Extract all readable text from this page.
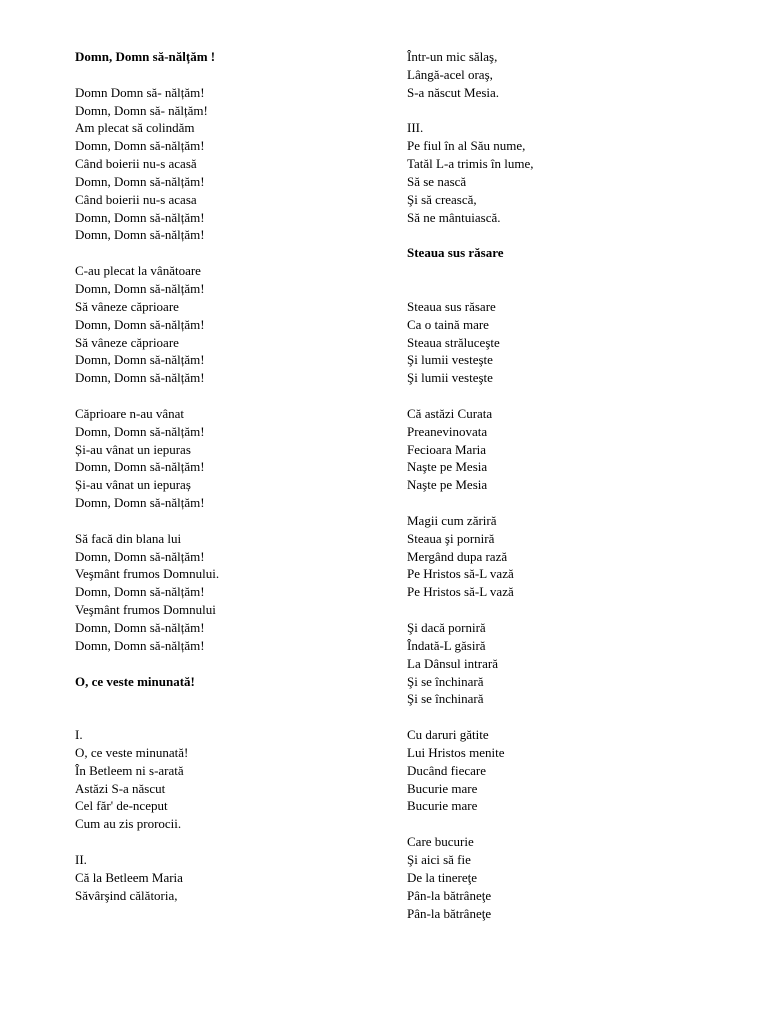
Domn, Domn să-nălțăm !
Domn Domn să- nălțăm!
Domn, Domn să- nălțăm!
Am plecat să colindăm
Domn, Domn să-nălțăm!
Când boierii nu-s acasă
Domn, Domn să-nălțăm!
Când boierii nu-s acasa
Domn, Domn să-nălțăm!
Domn, Domn să-nălțăm!
C-au plecat la vânătoare
Domn, Domn să-nălțăm!
Să vâneze căprioare
Domn, Domn să-nălțăm!
Să vâneze căprioare
Domn, Domn să-nălțăm!
Domn, Domn să-nălțăm!
Căprioare n-au vânat
Domn, Domn să-nălțăm!
Și-au vânat un iepuras
Domn, Domn să-nălțăm!
Și-au vânat un iepuraș
Domn, Domn să-nălțăm!
Să facă din blana lui
Domn, Domn să-nălțăm!
Veşmânt frumos Domnului.
Domn, Domn să-nălțăm!
Veşmânt frumos Domnului
Domn, Domn să-nălțăm!
Domn, Domn să-nălțăm!
O, ce veste minunată!
I.
O, ce veste minunată!
În Betleem ni s-arată
Astăzi S-a născut
Cel făr' de-nceput
Cum au zis prorocii.
II.
Că la Betleem Maria
Săvârşind călătoria,
Într-un mic sălaş,
Lângă-acel oraş,
S-a născut Mesia.
III.
Pe fiul în al Său nume,
Tatăl L-a trimis în lume,
Să se nască
Şi să crească,
Să ne mântuiască.
Steaua sus răsare
Steaua sus răsare
Ca o taină mare
Steaua străluceşte
Şi lumii vesteşte
Şi lumii vesteşte
Că astăzi Curata
Preanevinovata
Fecioara Maria
Naşte pe Mesia
Naşte pe Mesia
Magii cum zăriră
Steaua şi porniră
Mergând dupa rază
Pe Hristos să-L vază
Pe Hristos să-L vază
Şi dacă porniră
Îndată-L găsiră
La Dânsul intrară
Şi se închinară
Şi se închinară
Cu daruri gătite
Lui Hristos menite
Ducând fiecare
Bucurie mare
Bucurie mare
Care bucurie
Şi aici să fie
De la tinereţe
Pân-la bătrâneţe
Pân-la bătrâneţe
